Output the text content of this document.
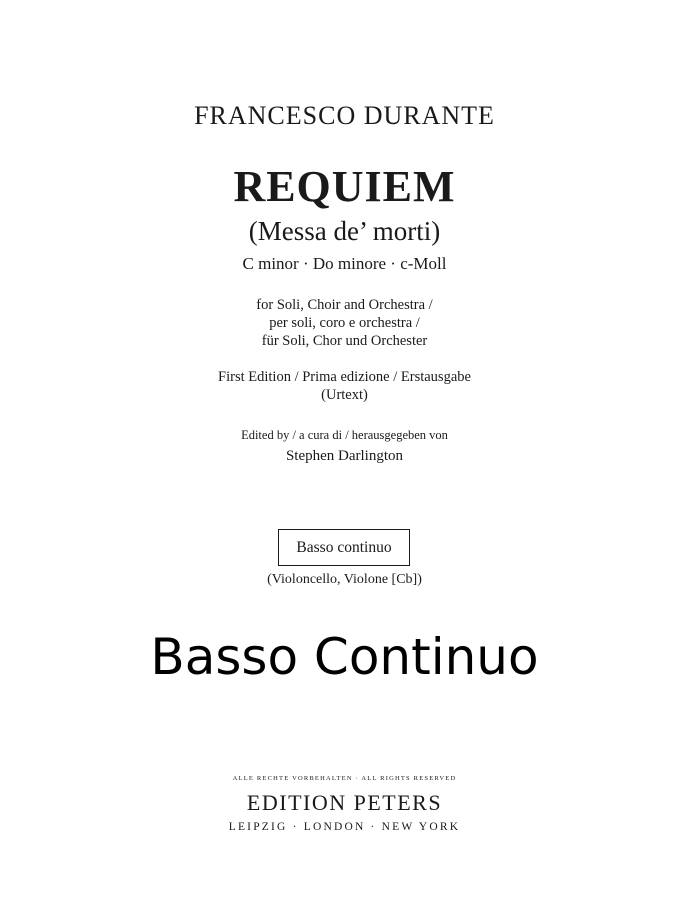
FRANCESCO DURANTE
REQUIEM
(Messa de’ morti)
C minor · Do minore · c-Moll
for Soli, Choir and Orchestra /
per soli, coro e orchestra /
für Soli, Chor und Orchester
First Edition / Prima edizione / Erstausgabe
(Urtext)
Edited by / a cura di / herausgegeben von
Stephen Darlington
Basso continuo
(Violoncello, Violone [Cb])
Basso Continuo
ALLE RECHTE VORBEHALTEN · ALL RIGHTS RESERVED
EDITION PETERS
LEIPZIG · LONDON · NEW YORK
